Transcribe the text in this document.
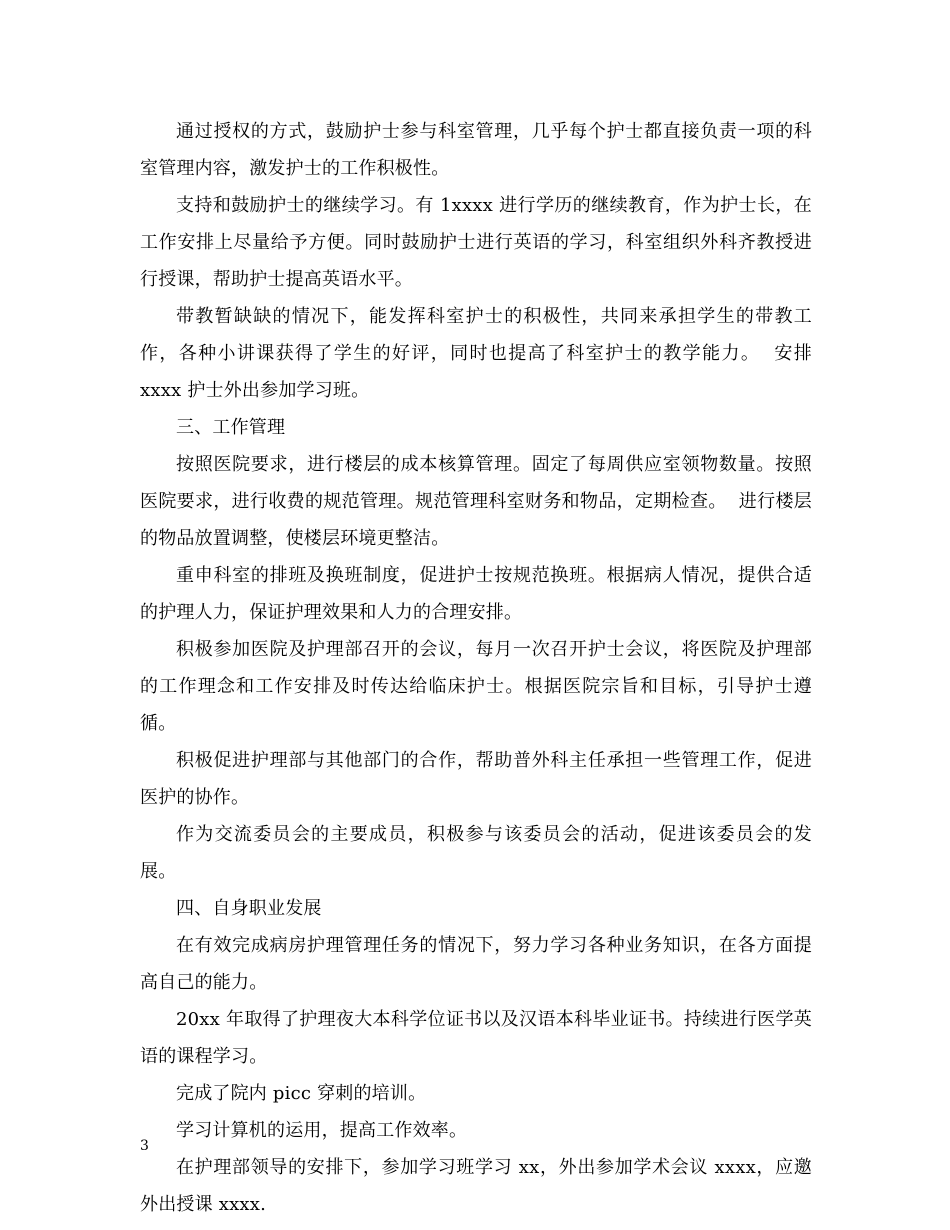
通过授权的方式，鼓励护士参与科室管理，几乎每个护士都直接负责一项的科室管理内容，激发护士的工作积极性。

支持和鼓励护士的继续学习。有 1xxxx 进行学历的继续教育，作为护士长，在工作安排上尽量给予方便。同时鼓励护士进行英语的学习，科室组织外科齐教授进行授课，帮助护士提高英语水平。

带教暂缺缺的情况下，能发挥科室护士的积极性，共同来承担学生的带教工作，各种小讲课获得了学生的好评，同时也提高了科室护士的教学能力。  安排 xxxx 护士外出参加学习班。

三、工作管理

按照医院要求，进行楼层的成本核算管理。固定了每周供应室领物数量。按照医院要求，进行收费的规范管理。规范管理科室财务和物品，定期检查。  进行楼层的物品放置调整，使楼层环境更整洁。

重申科室的排班及换班制度，促进护士按规范换班。根据病人情况，提供合适的护理人力，保证护理效果和人力的合理安排。

积极参加医院及护理部召开的会议，每月一次召开护士会议，将医院及护理部的工作理念和工作安排及时传达给临床护士。根据医院宗旨和目标，引导护士遵循。

积极促进护理部与其他部门的合作，帮助普外科主任承担一些管理工作，促进医护的协作。

作为交流委员会的主要成员，积极参与该委员会的活动，促进该委员会的发展。

四、自身职业发展

在有效完成病房护理管理任务的情况下，努力学习各种业务知识，在各方面提高自己的能力。

20xx 年取得了护理夜大本科学位证书以及汉语本科毕业证书。持续进行医学英语的课程学习。

完成了院内 picc 穿刺的培训。

学习计算机的运用，提高工作效率。

在护理部领导的安排下，参加学习班学习 xx，外出参加学术会议 xxxx，应邀外出授课 xxxx.

3
